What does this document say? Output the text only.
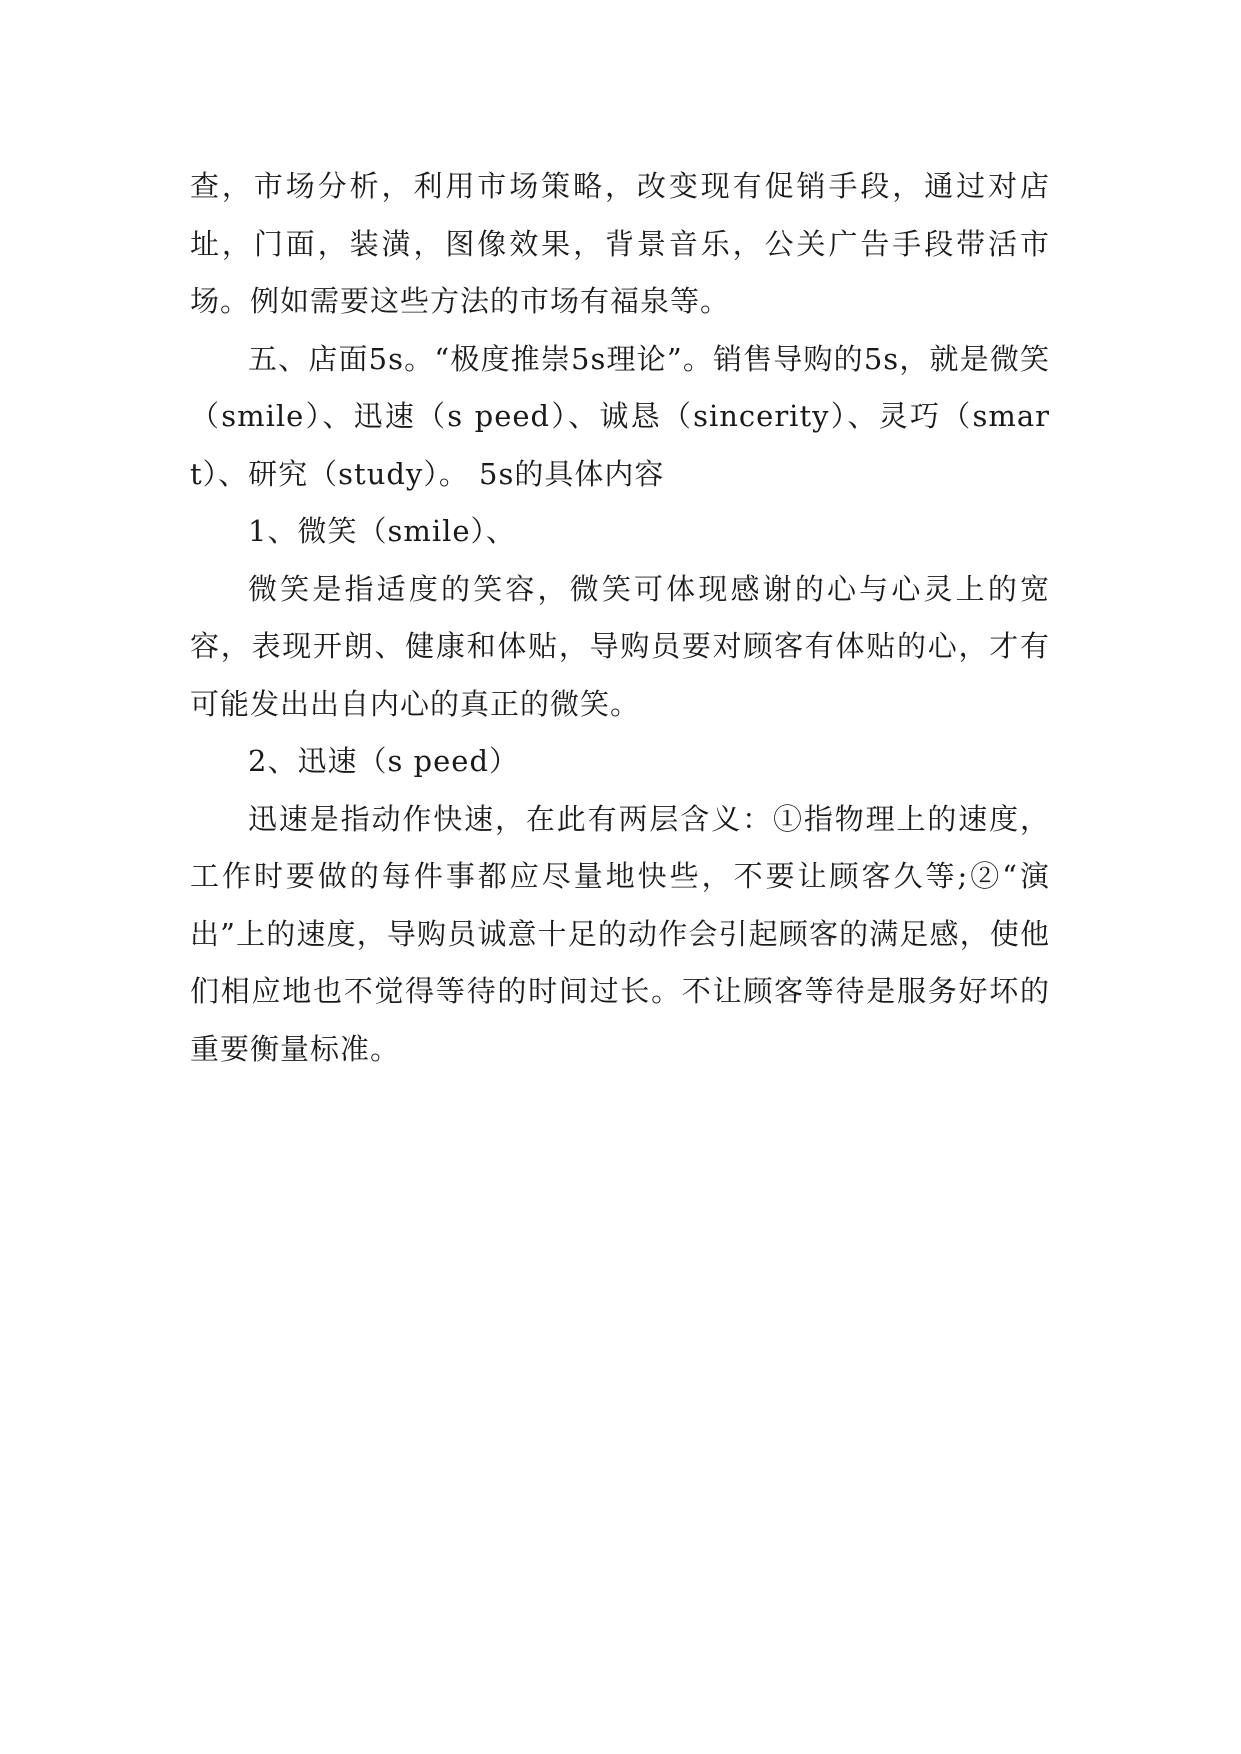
查，市场分析，利用市场策略，改变现有促销手段，通过对店址，门面，装潢，图像效果，背景音乐，公关广告手段带活市场。例如需要这些方法的市场有福泉等。

五、店面5s。“极度推崇5s理论”。销售导购的5s，就是微笑（smile）、迅速（s peed）、诚恳（sincerity）、灵巧（smart）、研究（study）。 5s的具体内容

1、微笑（smile）、

微笑是指适度的笑容，微笑可体现感谢的心与心灵上的宽容，表现开朗、健康和体贴，导购员要对顾客有体贴的心，才有可能发出出自内心的真正的微笑。

2、迅速（s peed）

迅速是指动作快速，在此有两层含义：①指物理上的速度，工作时要做的每件事都应尽量地快些，不要让顾客久等;②“演出”上的速度，导购员诚意十足的动作会引起顾客的满足感，使他们相应地也不觉得等待的时间过长。不让顾客等待是服务好坏的重要衡量标准。
